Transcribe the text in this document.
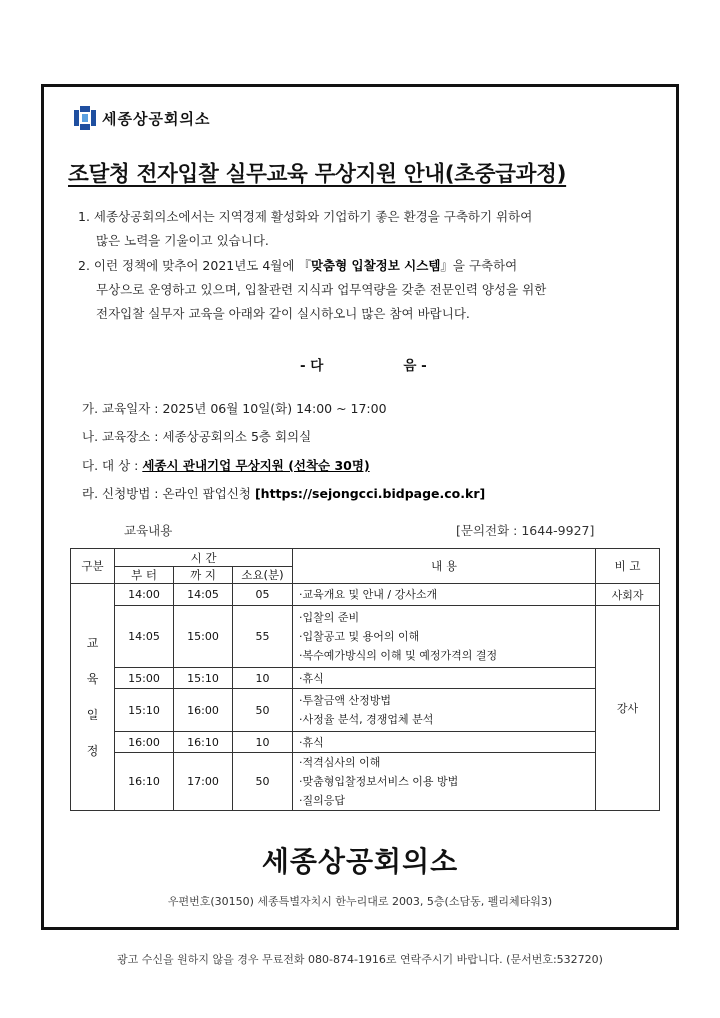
세종상공회의소
조달청 전자입찰 실무교육 무상지원 안내(초중급과정)
1. 세종상공회의소에서는 지역경제 활성화와 기업하기 좋은 환경을 구축하기 위하여
많은 노력을 기울이고 있습니다.
2. 이런 정책에 맞추어 2021년도 4월에 『맞춤형 입찰정보 시스템』을 구축하여
무상으로 운영하고 있으며, 입찰관련 지식과 업무역량을 갖춘 전문인력 양성을 위한
전자입찰 실무자 교육을 아래와 같이 실시하오니 많은 참여 바랍니다.
- 다	음 -
가. 교육일자 : 2025년 06월 10일(화) 14:00 ~ 17:00
나. 교육장소 : 세종상공회의소 5층 회의실
다. 대 상 : 세종시 관내기업 무상지원 (선착순 30명)
라. 신청방법 : 온라인 팝업신청 [https://sejongcci.bidpage.co.kr]
교육내용	[문의전화 : 1644-9927]
구분	시 간			내 용	비 고
	부 터	까 지	소요(분)		

교
육
일
정	14:00	14:05	05	·교육개요 및 안내 / 강사소개	사회자
	14:05	15:00	55	·입찰의 준비
·입찰공고 및 용어의 이해
·복수예가방식의 이해 및 예정가격의 결정	강사
	15:00	15:10	10	·휴식	

	15:10	16:00	50	·투찰금액 산정방법
·사정율 분석, 경쟁업체 분석	

	16:00	16:10	10	·휴식	

	16:10	17:00	50	·적격심사의 이해
·맞춤형입찰정보서비스 이용 방법
·질의응답	
세종상공회의소
우편번호(30150) 세종특별자치시 한누리대로 2003, 5층(소담동, 펠리체타워3)
광고 수신을 원하지 않을 경우 무료전화 080-874-1916로 연락주시기 바랍니다. (문서번호:532720)
